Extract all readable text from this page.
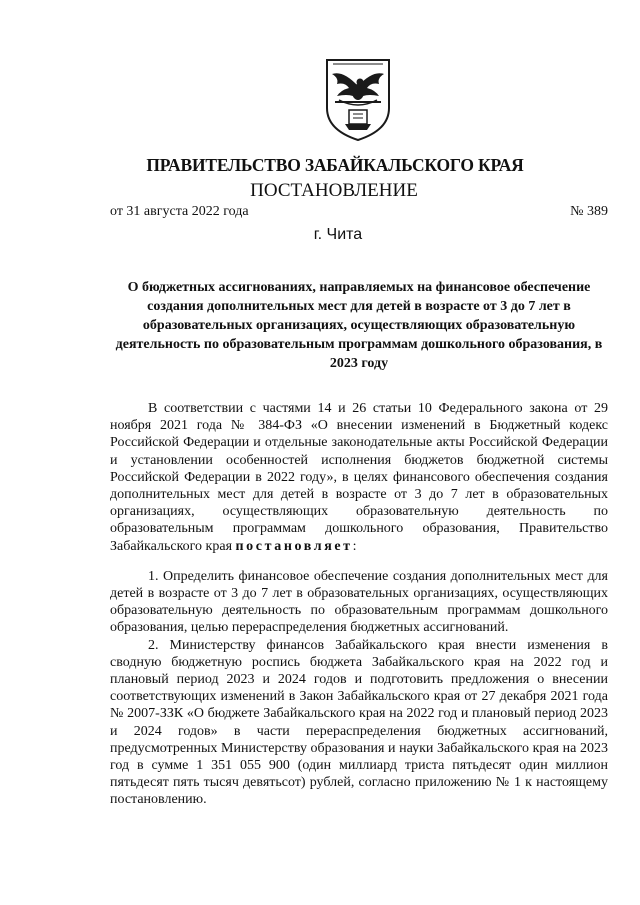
ПРАВИТЕЛЬСТВО ЗАБАЙКАЛЬСКОГО КРАЯ
ПОСТАНОВЛЕНИЕ
от 31 августа 2022 года	№ 389
г. Чита

О бюджетных ассигнованиях, направляемых на финансовое обеспечение создания дополнительных мест для детей в возрасте от 3 до 7 лет в образовательных организациях, осуществляющих образовательную деятельность по образовательным программам дошкольного образования, в 2023 году

В соответствии с частями 14 и 26 статьи 10 Федерального закона от 29 ноября 2021 года № 384-ФЗ «О внесении изменений в Бюджетный кодекс Российской Федерации и отдельные законодательные акты Российской Федерации и установлении особенностей исполнения бюджетов бюджетной системы Российской Федерации в 2022 году», в целях финансового обеспечения создания дополнительных мест для детей в возрасте от 3 до 7 лет в образовательных организациях, осуществляющих образовательную деятельность по образовательным программам дошкольного образования, Правительство Забайкальского края постановляет:

1. Определить финансовое обеспечение создания дополнительных мест для детей в возрасте от 3 до 7 лет в образовательных организациях, осуществляющих образовательную деятельность по образовательным программам дошкольного образования, целью перераспределения бюджетных ассигнований.

2. Министерству финансов Забайкальского края внести изменения в сводную бюджетную роспись бюджета Забайкальского края на 2022 год и плановый период 2023 и 2024 годов и подготовить предложения о внесении соответствующих изменений в Закон Забайкальского края от 27 декабря 2021 года № 2007-ЗЗК «О бюджете Забайкальского края на 2022 год и плановый период 2023 и 2024 годов» в части перераспределения бюджетных ассигнований, предусмотренных Министерству образования и науки Забайкальского края на 2023 год в сумме 1 351 055 900 (один миллиард триста пятьдесят один миллион пятьдесят пять тысяч девятьсот) рублей, согласно приложению № 1 к настоящему постановлению.
